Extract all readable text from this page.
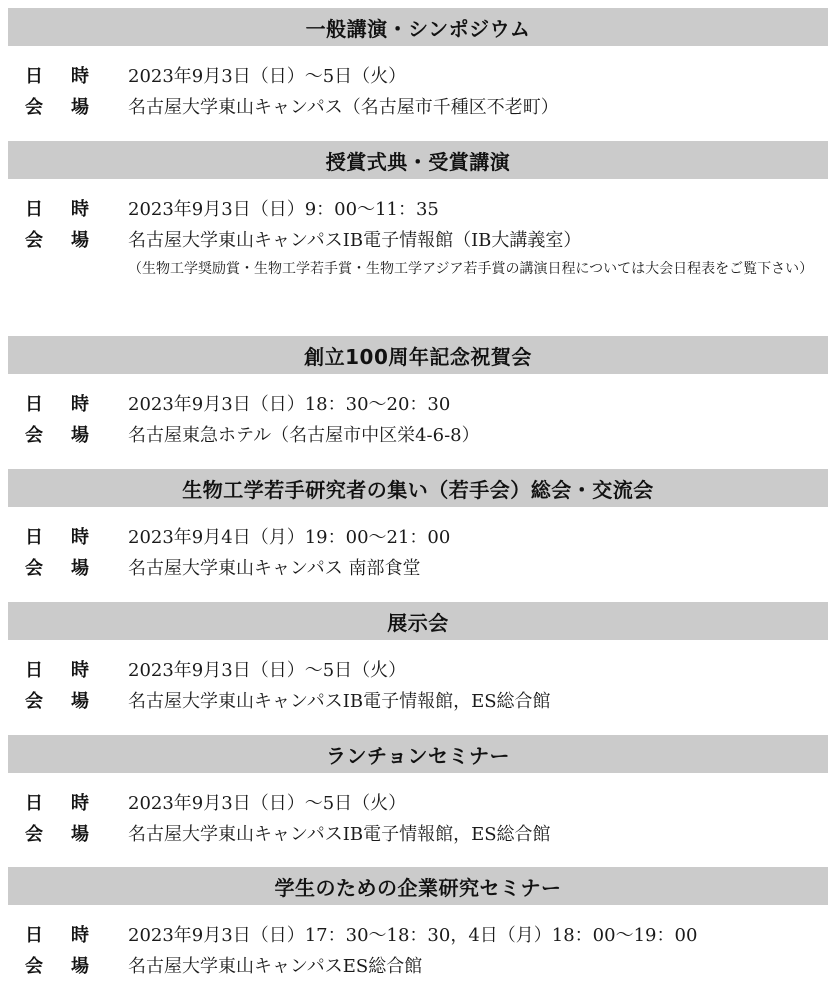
一般講演・シンポジウム
日 時 2023年9月3日（日）～5日（火）
会 場 名古屋大学東山キャンパス（名古屋市千種区不老町）
授賞式典・受賞講演
日 時 2023年9月3日（日）9：00～11：35
会 場 名古屋大学東山キャンパスIB電子情報館（IB大講義室）
（生物工学奨励賞・生物工学若手賞・生物工学アジア若手賞の講演日程については大会日程表をご覧下さい）
創立100周年記念祝賀会
日 時 2023年9月3日（日）18：30～20：30
会 場 名古屋東急ホテル（名古屋市中区栄4-6-8）
生物工学若手研究者の集い（若手会）総会・交流会
日 時 2023年9月4日（月）19：00～21：00
会 場 名古屋大学東山キャンパス 南部食堂
展示会
日 時 2023年9月3日（日）～5日（火）
会 場 名古屋大学東山キャンパスIB電子情報館，ES総合館
ランチョンセミナー
日 時 2023年9月3日（日）～5日（火）
会 場 名古屋大学東山キャンパスIB電子情報館，ES総合館
学生のための企業研究セミナー
日 時 2023年9月3日（日）17：30～18：30，4日（月）18：00～19：00
会 場 名古屋大学東山キャンパスES総合館
